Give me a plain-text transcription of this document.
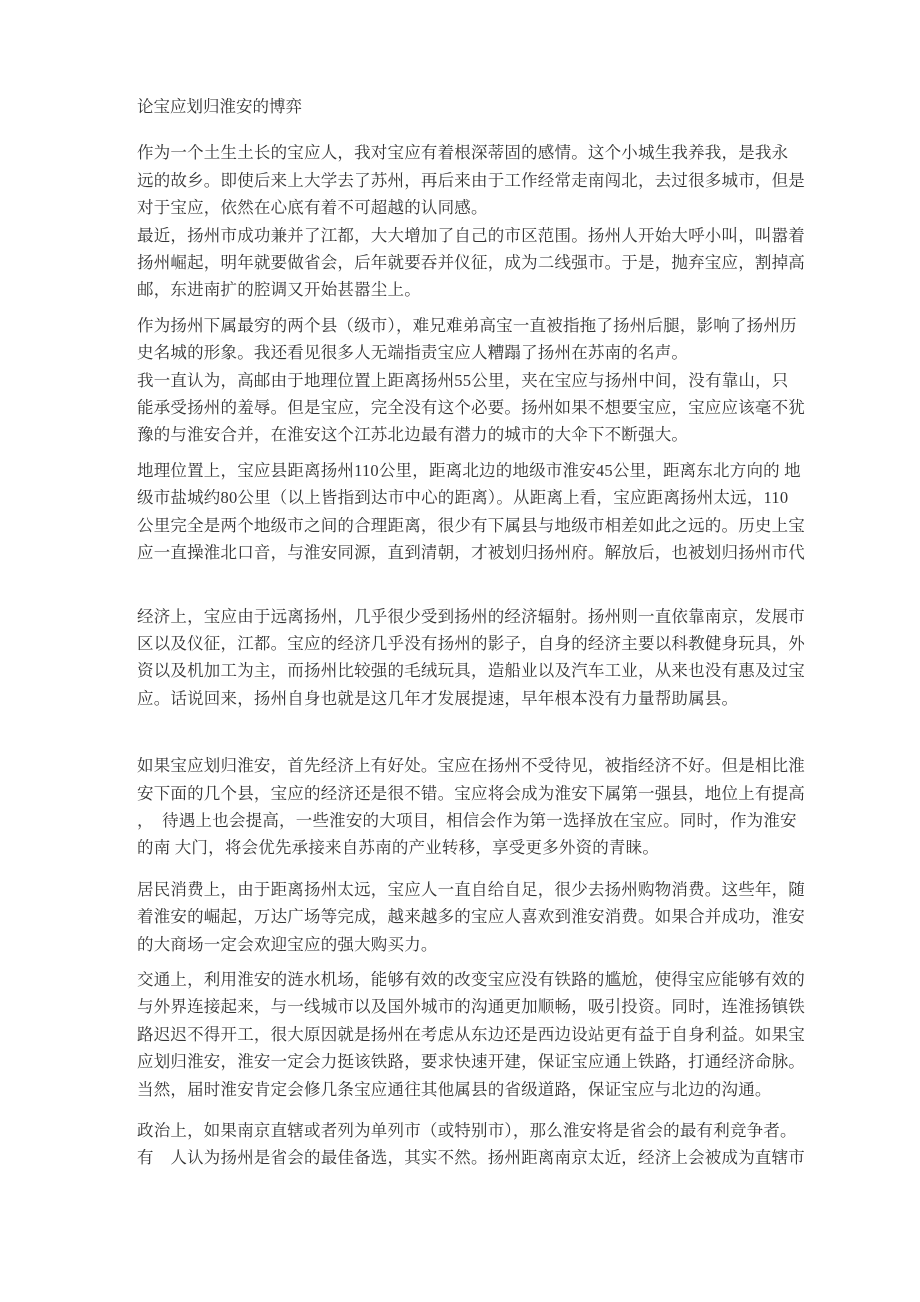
论宝应划归淮安的博弈
作为一个土生土长的宝应人，我对宝应有着根深蒂固的感情。这个小城生我养我，是我永
远的故乡。即使后来上大学去了苏州，再后来由于工作经常走南闯北，去过很多城市，但是
对于宝应，依然在心底有着不可超越的认同感。
最近，扬州市成功兼并了江都，大大增加了自己的市区范围。扬州人开始大呼小叫，叫嚣着
扬州崛起，明年就要做省会，后年就要吞并仪征，成为二线强市。于是，抛弃宝应，割掉高
邮，东进南扩的腔调又开始甚嚣尘上。
作为扬州下属最穷的两个县（级市），难兄难弟高宝一直被指拖了扬州后腿，影响了扬州历
史名城的形象。我还看见很多人无端指责宝应人糟蹋了扬州在苏南的名声。
我一直认为，高邮由于地理位置上距离扬州55公里，夹在宝应与扬州中间，没有靠山，只
能承受扬州的羞辱。但是宝应，完全没有这个必要。扬州如果不想要宝应，宝应应该毫不犹
豫的与淮安合并，在淮安这个江苏北边最有潜力的城市的大伞下不断强大。
地理位置上，宝应县距离扬州110公里，距离北边的地级市淮安45公里，距离东北方向的 地
级市盐城约80公里（以上皆指到达市中心的距离）。从距离上看，宝应距离扬州太远，110
公里完全是两个地级市之间的合理距离，很少有下属县与地级市相差如此之远的。历史上宝
应一直操淮北口音，与淮安同源，直到清朝，才被划归扬州府。解放后，也被划归扬州市代
经济上，宝应由于远离扬州，几乎很少受到扬州的经济辐射。扬州则一直依靠南京，发展市
区以及仪征，江都。宝应的经济几乎没有扬州的影子，自身的经济主要以科教健身玩具，外
资以及机加工为主，而扬州比较强的毛绒玩具，造船业以及汽车工业，从来也没有惠及过宝
应。话说回来，扬州自身也就是这几年才发展提速，早年根本没有力量帮助属县。
如果宝应划归淮安，首先经济上有好处。宝应在扬州不受待见，被指经济不好。但是相比淮
安下面的几个县，宝应的经济还是很不错。宝应将会成为淮安下属第一强县，地位上有提高
，　待遇上也会提高，一些淮安的大项目，相信会作为第一选择放在宝应。同时，作为淮安
的南 大门，将会优先承接来自苏南的产业转移，享受更多外资的青睐。
居民消费上，由于距离扬州太远，宝应人一直自给自足，很少去扬州购物消费。这些年，随
着淮安的崛起，万达广场等完成，越来越多的宝应人喜欢到淮安消费。如果合并成功，淮安
的大商场一定会欢迎宝应的强大购买力。
交通上，利用淮安的涟水机场，能够有效的改变宝应没有铁路的尴尬，使得宝应能够有效的
与外界连接起来，与一线城市以及国外城市的沟通更加顺畅，吸引投资。同时，连淮扬镇铁
路迟迟不得开工，很大原因就是扬州在考虑从东边还是西边设站更有益于自身利益。如果宝
应划归淮安，淮安一定会力挺该铁路，要求快速开建，保证宝应通上铁路，打通经济命脉。
当然，届时淮安肯定会修几条宝应通往其他属县的省级道路，保证宝应与北边的沟通。
政治上，如果南京直辖或者列为单列市（或特别市），那么淮安将是省会的最有利竞争者。
有　人认为扬州是省会的最佳备选，其实不然。扬州距离南京太近，经济上会被成为直辖市
